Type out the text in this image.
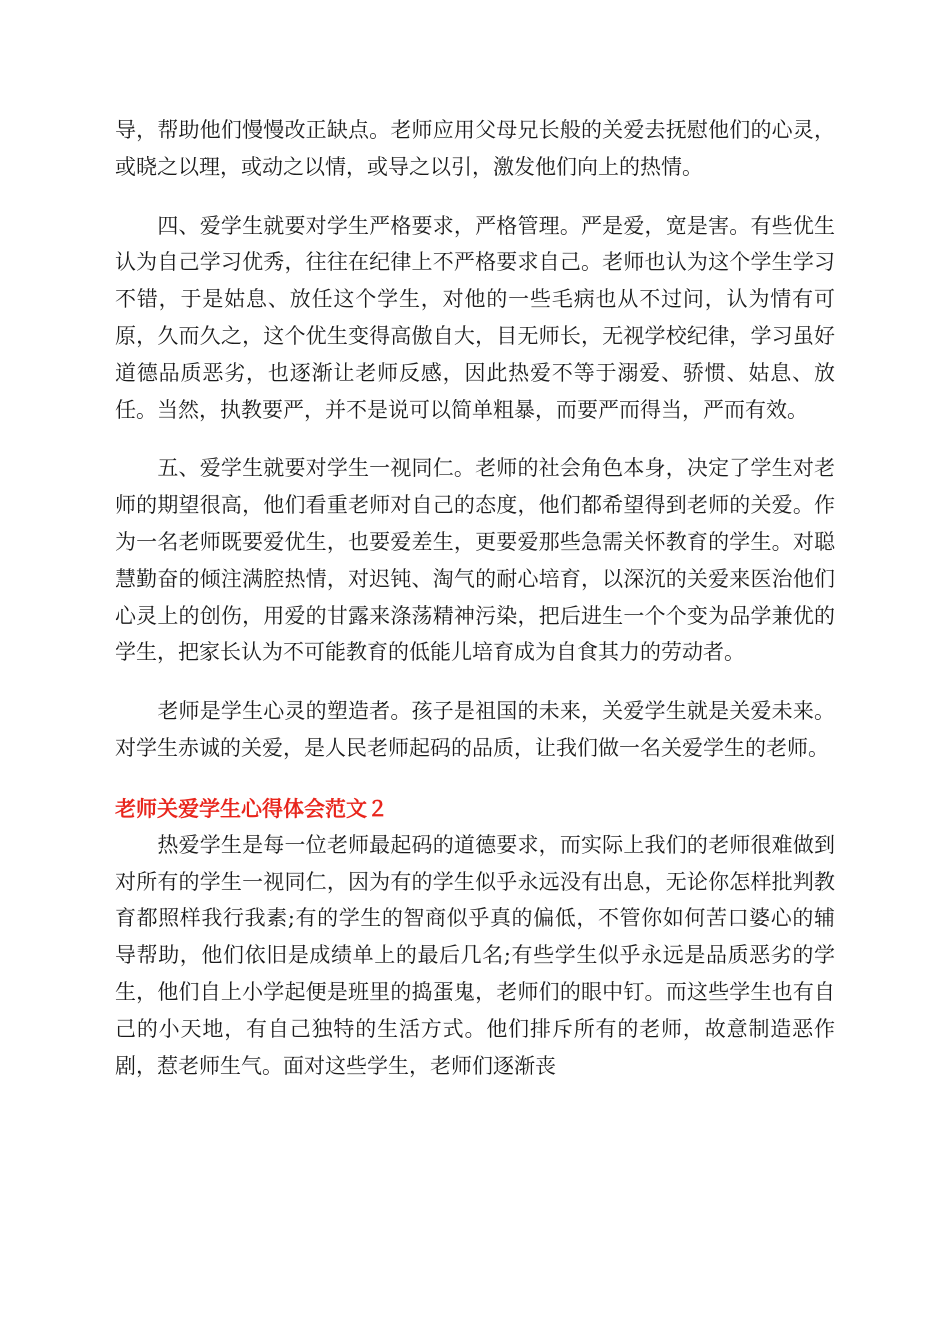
导，帮助他们慢慢改正缺点。老师应用父母兄长般的关爱去抚慰他们的心灵，或晓之以理，或动之以情，或导之以引，激发他们向上的热情。

　　四、爱学生就要对学生严格要求，严格管理。严是爱，宽是害。有些优生认为自己学习优秀，往往在纪律上不严格要求自己。老师也认为这个学生学习不错，于是姑息、放任这个学生，对他的一些毛病也从不过问，认为情有可原，久而久之，这个优生变得高傲自大，目无师长，无视学校纪律，学习虽好道德品质恶劣，也逐渐让老师反感，因此热爱不等于溺爱、骄惯、姑息、放任。当然，执教要严，并不是说可以简单粗暴，而要严而得当，严而有效。

　　五、爱学生就要对学生一视同仁。老师的社会角色本身，决定了学生对老师的期望很高，他们看重老师对自己的态度，他们都希望得到老师的关爱。作为一名老师既要爱优生，也要爱差生，更要爱那些急需关怀教育的学生。对聪慧勤奋的倾注满腔热情，对迟钝、淘气的耐心培育，以深沉的关爱来医治他们心灵上的创伤，用爱的甘露来涤荡精神污染，把后进生一个个变为品学兼优的学生，把家长认为不可能教育的低能儿培育成为自食其力的劳动者。

　　老师是学生心灵的塑造者。孩子是祖国的未来，关爱学生就是关爱未来。对学生赤诚的关爱，是人民老师起码的品质，让我们做一名关爱学生的老师。

老师关爱学生心得体会范文２

　　热爱学生是每一位老师最起码的道德要求，而实际上我们的老师很难做到对所有的学生一视同仁，因为有的学生似乎永远没有出息，无论你怎样批判教育都照样我行我素;有的学生的智商似乎真的偏低，不管你如何苦口婆心的辅导帮助，他们依旧是成绩单上的最后几名;有些学生似乎永远是品质恶劣的学生，他们自上小学起便是班里的捣蛋鬼，老师们的眼中钉。而这些学生也有自己的小天地，有自己独特的生活方式。他们排斥所有的老师，故意制造恶作剧，惹老师生气。面对这些学生，老师们逐渐丧
